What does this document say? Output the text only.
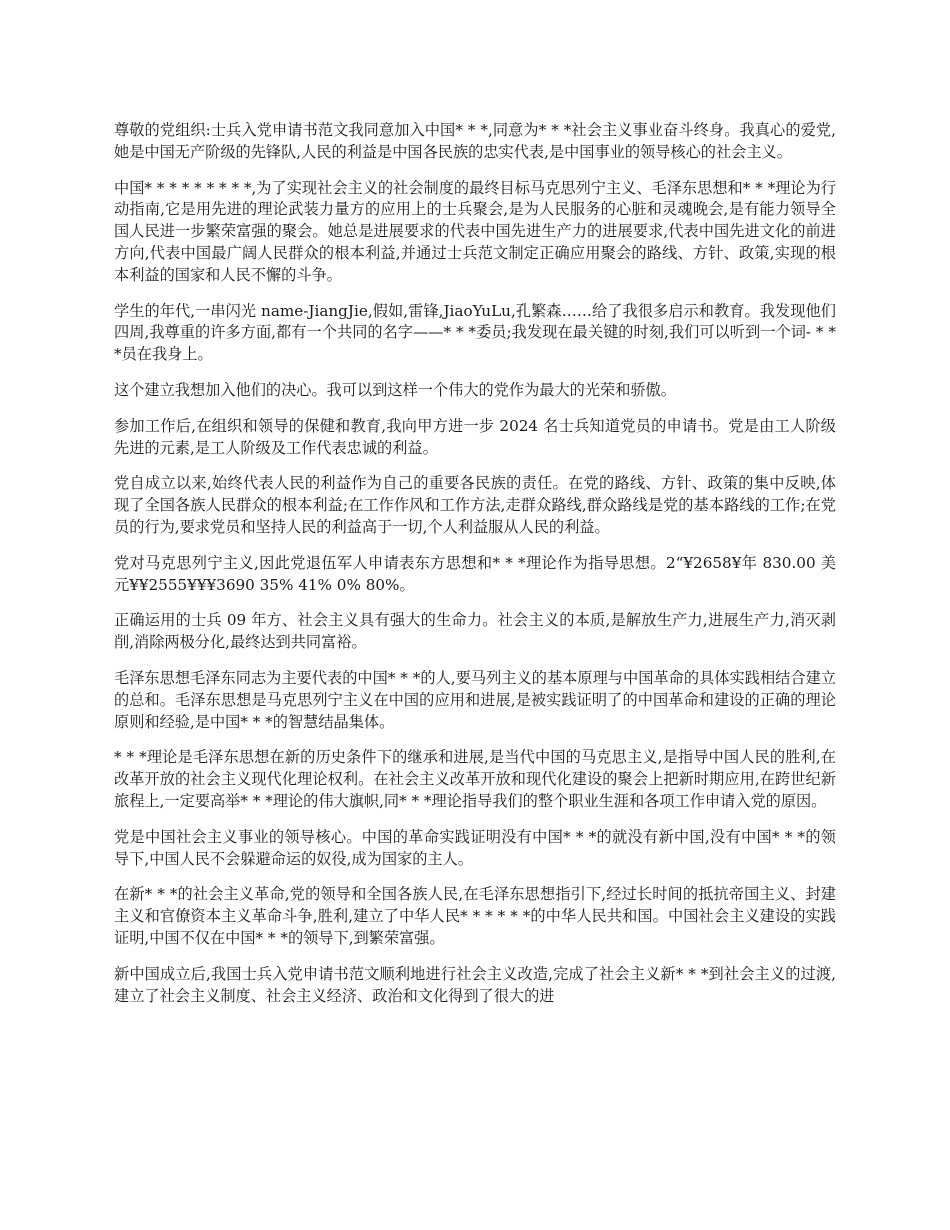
尊敬的党组织:士兵入党申请书范文我同意加入中国* * *,同意为* * *社会主义事业奋斗终身。我真心的爱党,她是中国无产阶级的先锋队,人民的利益是中国各民族的忠实代表,是中国事业的领导核心的社会主义。

中国* * * * * * * * *,为了实现社会主义的社会制度的最终目标马克思列宁主义、毛泽东思想和* * *理论为行动指南,它是用先进的理论武装力量方的应用上的士兵聚会,是为人民服务的心脏和灵魂晚会,是有能力领导全国人民进一步繁荣富强的聚会。她总是进展要求的代表中国先进生产力的进展要求,代表中国先进文化的前进方向,代表中国最广阔人民群众的根本利益,并通过士兵范文制定正确应用聚会的路线、方针、政策,实现的根本利益的国家和人民不懈的斗争。

学生的年代,一串闪光 name-JiangJie,假如,雷锋,JiaoYuLu,孔繁森……给了我很多启示和教育。我发现他们四周,我尊重的许多方面,都有一个共同的名字——* * *委员;我发现在最关键的时刻,我们可以听到一个词- * * *员在我身上。

这个建立我想加入他们的决心。我可以到这样一个伟大的党作为最大的光荣和骄傲。

参加工作后,在组织和领导的保健和教育,我向甲方进一步 2024 名士兵知道党员的申请书。党是由工人阶级先进的元素,是工人阶级及工作代表忠诚的利益。

党自成立以来,始终代表人民的利益作为自己的重要各民族的责任。在党的路线、方针、政策的集中反映,体现了全国各族人民群众的根本利益;在工作作风和工作方法,走群众路线,群众路线是党的基本路线的工作;在党员的行为,要求党员和坚持人民的利益高于一切,个人利益服从人民的利益。

党对马克思列宁主义,因此党退伍军人申请表东方思想和* * *理论作为指导思想。2“¥2658¥年 830.00 美元¥¥2555¥¥¥3690 35% 41% 0% 80%。

正确运用的士兵 09 年方、社会主义具有强大的生命力。社会主义的本质,是解放生产力,进展生产力,消灭剥削,消除两极分化,最终达到共同富裕。

毛泽东思想毛泽东同志为主要代表的中国* * *的人,要马列主义的基本原理与中国革命的具体实践相结合建立的总和。毛泽东思想是马克思列宁主义在中国的应用和进展,是被实践证明了的中国革命和建设的正确的理论原则和经验,是中国* * *的智慧结晶集体。

* * *理论是毛泽东思想在新的历史条件下的继承和进展,是当代中国的马克思主义,是指导中国人民的胜利,在改革开放的社会主义现代化理论权利。在社会主义改革开放和现代化建设的聚会上把新时期应用,在跨世纪新旅程上,一定要高举* * *理论的伟大旗帜,同* * *理论指导我们的整个职业生涯和各项工作申请入党的原因。

党是中国社会主义事业的领导核心。中国的革命实践证明没有中国* * *的就没有新中国,没有中国* * *的领导下,中国人民不会躲避命运的奴役,成为国家的主人。

在新* * *的社会主义革命,党的领导和全国各族人民,在毛泽东思想指引下,经过长时间的抵抗帝国主义、封建主义和官僚资本主义革命斗争,胜利,建立了中华人民* * * * * *的中华人民共和国。中国社会主义建设的实践证明,中国不仅在中国* * *的领导下,到繁荣富强。

新中国成立后,我国士兵入党申请书范文顺利地进行社会主义改造,完成了社会主义新* * *到社会主义的过渡,建立了社会主义制度、社会主义经济、政治和文化得到了很大的进
